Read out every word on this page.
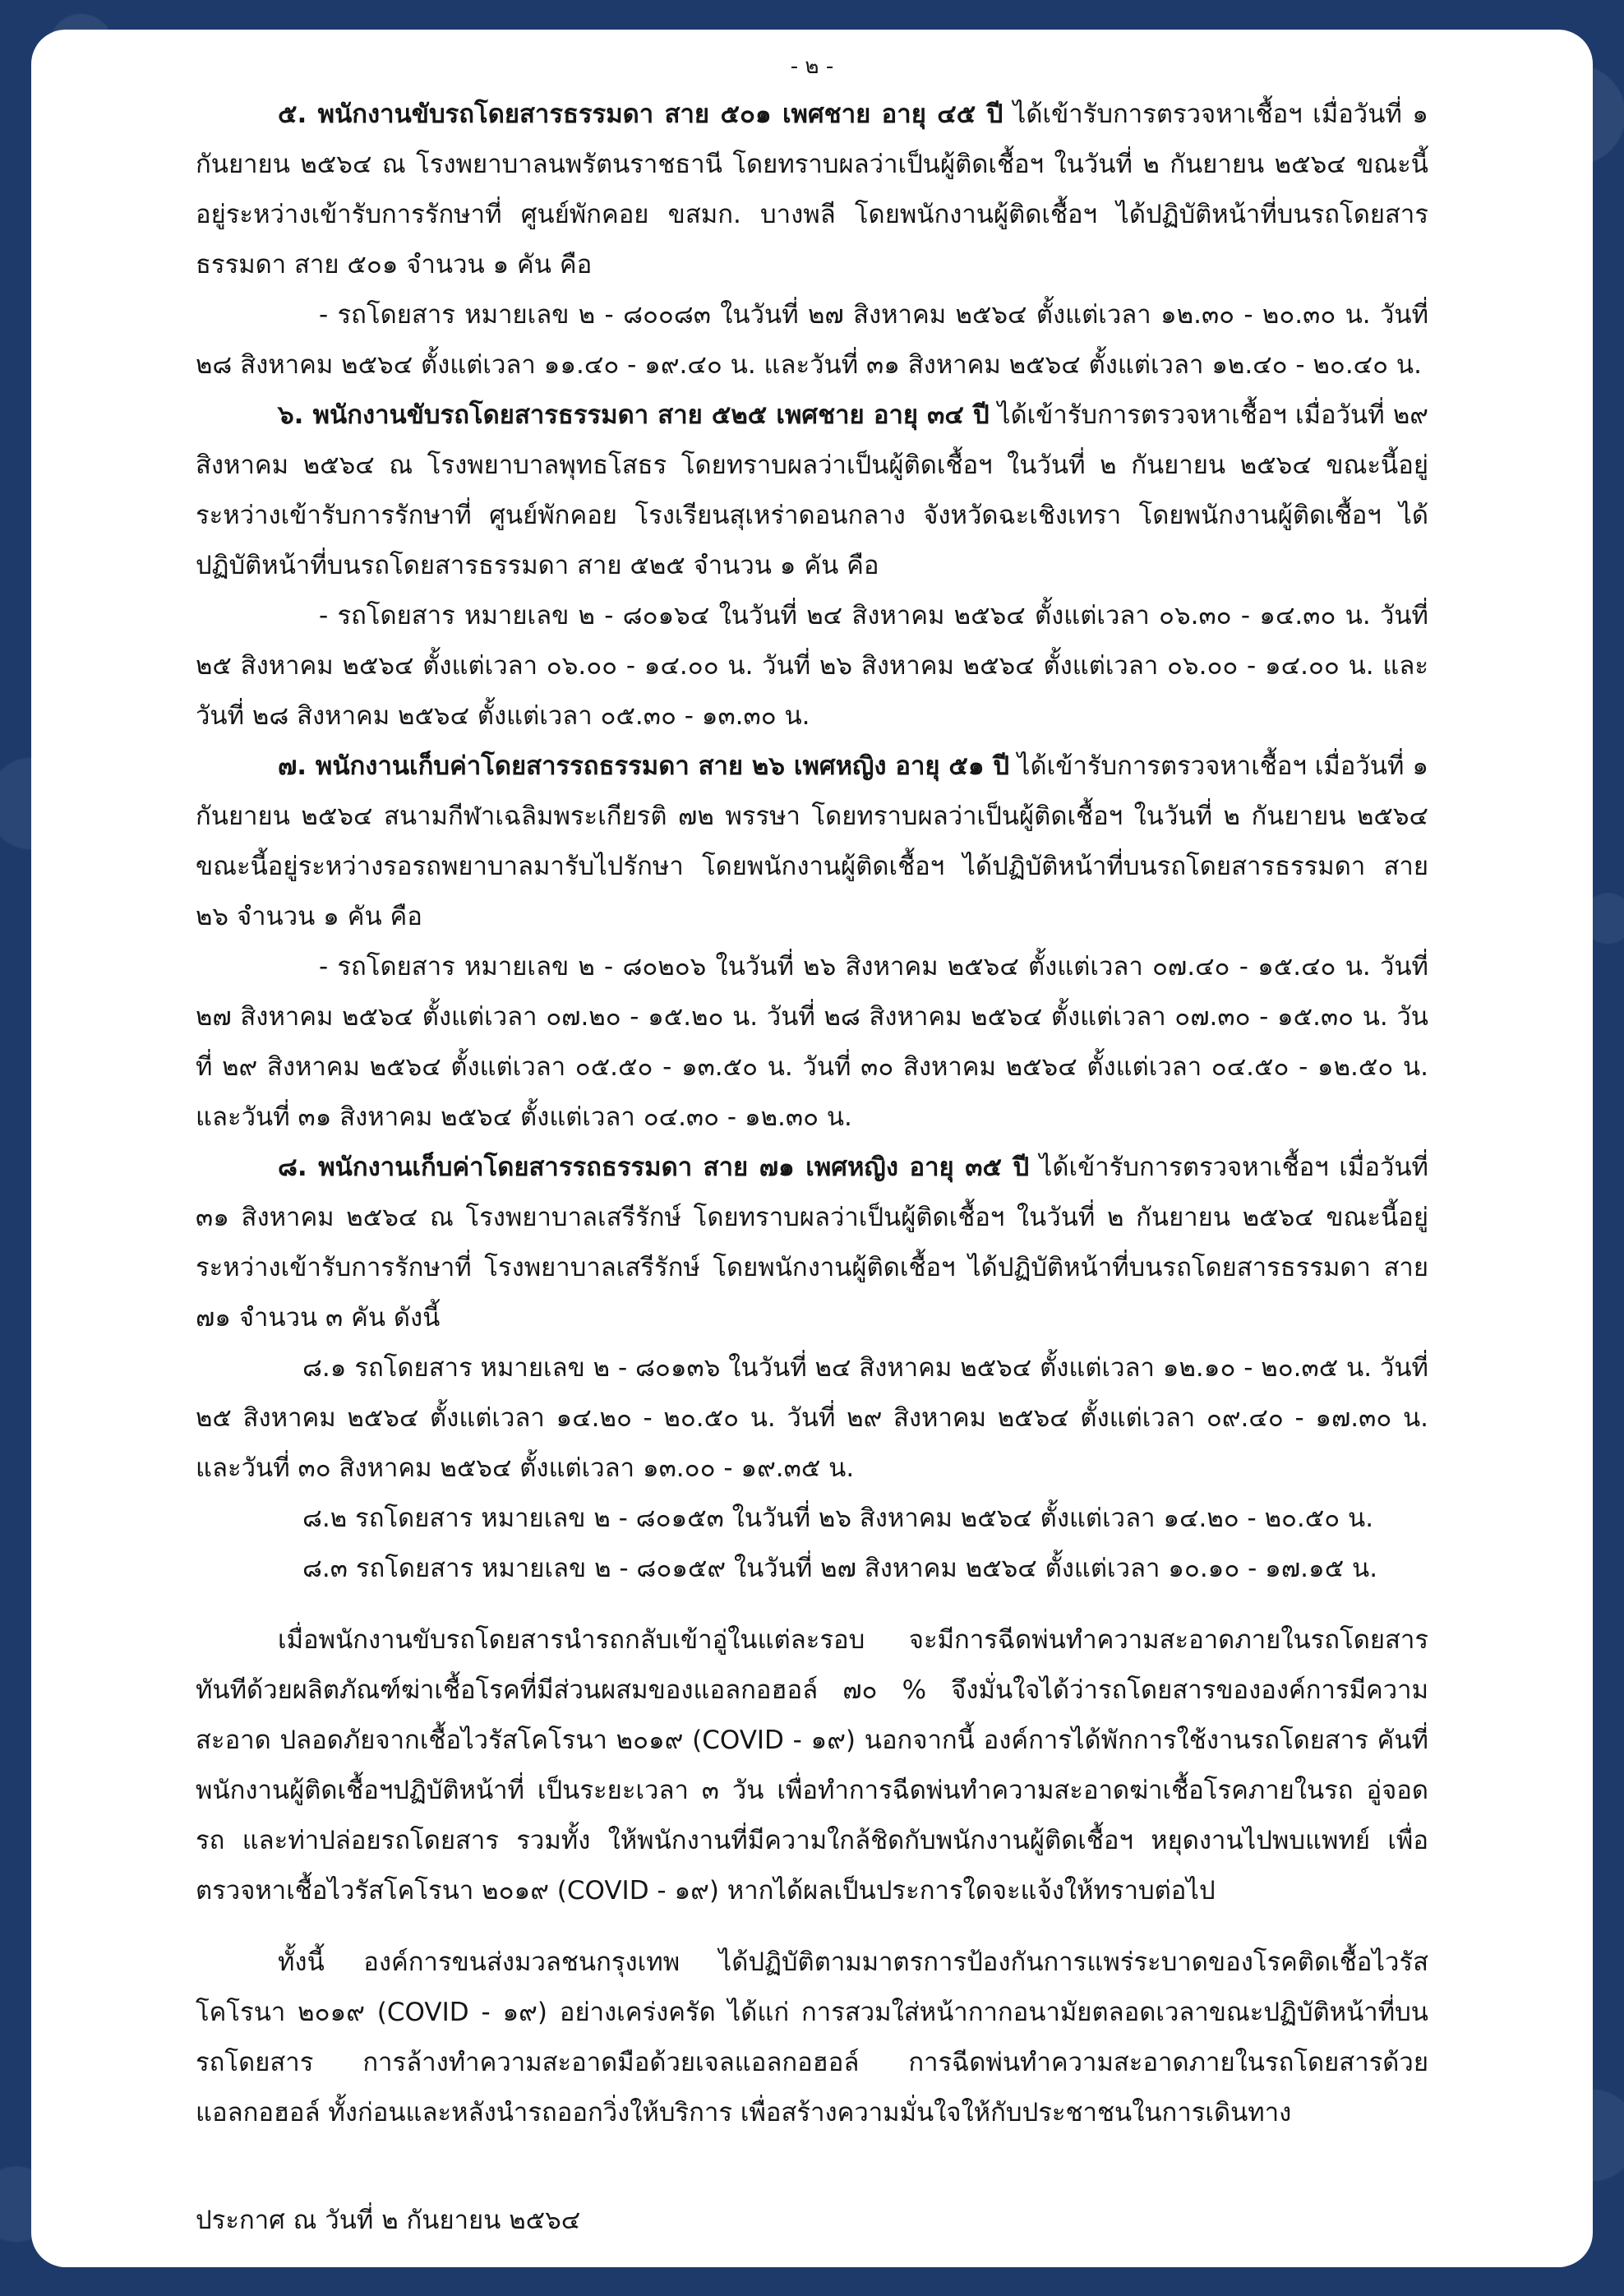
- ๒ -

๕. พนักงานขับรถโดยสารธรรมดา สาย ๕๐๑ เพศชาย อายุ ๔๕ ปี ได้เข้ารับการตรวจหาเชื้อฯ เมื่อวันที่ ๑ กันยายน ๒๕๖๔ ณ โรงพยาบาลนพรัตนราชธานี โดยทราบผลว่าเป็นผู้ติดเชื้อฯ ในวันที่ ๒ กันยายน ๒๕๖๔ ขณะนี้อยู่ระหว่างเข้ารับการรักษาที่ ศูนย์พักคอย ขสมก. บางพลี โดยพนักงานผู้ติดเชื้อฯ ได้ปฏิบัติหน้าที่บนรถโดยสารธรรมดา สาย ๕๐๑ จำนวน ๑ คัน คือ

- รถโดยสาร หมายเลข ๒ - ๘๐๐๘๓ ในวันที่ ๒๗ สิงหาคม ๒๕๖๔ ตั้งแต่เวลา ๑๒.๓๐ - ๒๐.๓๐ น. วันที่ ๒๘ สิงหาคม ๒๕๖๔ ตั้งแต่เวลา ๑๑.๔๐ - ๑๙.๔๐ น. และวันที่ ๓๑ สิงหาคม ๒๕๖๔ ตั้งแต่เวลา ๑๒.๔๐ - ๒๐.๔๐ น.

๖. พนักงานขับรถโดยสารธรรมดา สาย ๕๒๕ เพศชาย อายุ ๓๔ ปี ได้เข้ารับการตรวจหาเชื้อฯ เมื่อวันที่ ๒๙ สิงหาคม ๒๕๖๔ ณ โรงพยาบาลพุทธโสธร โดยทราบผลว่าเป็นผู้ติดเชื้อฯ ในวันที่ ๒ กันยายน ๒๕๖๔ ขณะนี้อยู่ระหว่างเข้ารับการรักษาที่ ศูนย์พักคอย โรงเรียนสุเหร่าดอนกลาง จังหวัดฉะเชิงเทรา โดยพนักงานผู้ติดเชื้อฯ ได้ปฏิบัติหน้าที่บนรถโดยสารธรรมดา สาย ๕๒๕ จำนวน ๑ คัน คือ

- รถโดยสาร หมายเลข ๒ - ๘๐๑๖๔ ในวันที่ ๒๔ สิงหาคม ๒๕๖๔ ตั้งแต่เวลา ๐๖.๓๐ - ๑๔.๓๐ น. วันที่ ๒๕ สิงหาคม ๒๕๖๔ ตั้งแต่เวลา ๐๖.๐๐ - ๑๔.๐๐ น. วันที่ ๒๖ สิงหาคม ๒๕๖๔ ตั้งแต่เวลา ๐๖.๐๐ - ๑๔.๐๐ น. และวันที่ ๒๘ สิงหาคม ๒๕๖๔ ตั้งแต่เวลา ๐๕.๓๐ - ๑๓.๓๐ น.

๗. พนักงานเก็บค่าโดยสารรถธรรมดา สาย ๒๖ เพศหญิง อายุ ๕๑ ปี ได้เข้ารับการตรวจหาเชื้อฯ เมื่อวันที่ ๑ กันยายน ๒๕๖๔ สนามกีฬาเฉลิมพระเกียรติ ๗๒ พรรษา โดยทราบผลว่าเป็นผู้ติดเชื้อฯ ในวันที่ ๒ กันยายน ๒๕๖๔ ขณะนี้อยู่ระหว่างรอรถพยาบาลมารับไปรักษา โดยพนักงานผู้ติดเชื้อฯ ได้ปฏิบัติหน้าที่บนรถโดยสารธรรมดา สาย ๒๖ จำนวน ๑ คัน คือ

- รถโดยสาร หมายเลข ๒ - ๘๐๒๐๖ ในวันที่ ๒๖ สิงหาคม ๒๕๖๔ ตั้งแต่เวลา ๐๗.๔๐ - ๑๕.๔๐ น. วันที่ ๒๗ สิงหาคม ๒๕๖๔ ตั้งแต่เวลา ๐๗.๒๐ - ๑๕.๒๐ น. วันที่ ๒๘ สิงหาคม ๒๕๖๔ ตั้งแต่เวลา ๐๗.๓๐ - ๑๕.๓๐ น. วันที่ ๒๙ สิงหาคม ๒๕๖๔ ตั้งแต่เวลา ๐๕.๕๐ - ๑๓.๕๐ น. วันที่ ๓๐ สิงหาคม ๒๕๖๔ ตั้งแต่เวลา ๐๔.๕๐ - ๑๒.๕๐ น. และวันที่ ๓๑ สิงหาคม ๒๕๖๔ ตั้งแต่เวลา ๐๔.๓๐ - ๑๒.๓๐ น.

๘. พนักงานเก็บค่าโดยสารรถธรรมดา สาย ๗๑ เพศหญิง อายุ ๓๕ ปี ได้เข้ารับการตรวจหาเชื้อฯ เมื่อวันที่ ๓๑ สิงหาคม ๒๕๖๔ ณ โรงพยาบาลเสรีรักษ์ โดยทราบผลว่าเป็นผู้ติดเชื้อฯ ในวันที่ ๒ กันยายน ๒๕๖๔ ขณะนี้อยู่ระหว่างเข้ารับการรักษาที่ โรงพยาบาลเสรีรักษ์ โดยพนักงานผู้ติดเชื้อฯ ได้ปฏิบัติหน้าที่บนรถโดยสารธรรมดา สาย ๗๑ จำนวน ๓ คัน ดังนี้

๘.๑ รถโดยสาร หมายเลข ๒ - ๘๐๑๓๖ ในวันที่ ๒๔ สิงหาคม ๒๕๖๔ ตั้งแต่เวลา ๑๒.๑๐ - ๒๐.๓๕ น. วันที่ ๒๕ สิงหาคม ๒๕๖๔ ตั้งแต่เวลา ๑๔.๒๐ - ๒๐.๕๐ น. วันที่ ๒๙ สิงหาคม ๒๕๖๔ ตั้งแต่เวลา ๐๙.๔๐ - ๑๗.๓๐ น. และวันที่ ๓๐ สิงหาคม ๒๕๖๔ ตั้งแต่เวลา ๑๓.๐๐ - ๑๙.๓๕ น.

๘.๒ รถโดยสาร หมายเลข ๒ - ๘๐๑๕๓ ในวันที่ ๒๖ สิงหาคม ๒๕๖๔ ตั้งแต่เวลา ๑๔.๒๐ - ๒๐.๕๐ น.

๘.๓ รถโดยสาร หมายเลข ๒ - ๘๐๑๕๙ ในวันที่ ๒๗ สิงหาคม ๒๕๖๔ ตั้งแต่เวลา ๑๐.๑๐ - ๑๗.๑๕ น.

เมื่อพนักงานขับรถโดยสารนำรถกลับเข้าอู่ในแต่ละรอบ จะมีการฉีดพ่นทำความสะอาดภายในรถโดยสารทันทีด้วยผลิตภัณฑ์ฆ่าเชื้อโรคที่มีส่วนผสมของแอลกอฮอล์ ๗๐ % จึงมั่นใจได้ว่ารถโดยสารขององค์การมีความสะอาด ปลอดภัยจากเชื้อไวรัสโคโรนา ๒๐๑๙ (COVID - ๑๙) นอกจากนี้ องค์การได้พักการใช้งานรถโดยสาร คันที่พนักงานผู้ติดเชื้อฯปฏิบัติหน้าที่ เป็นระยะเวลา ๓ วัน เพื่อทำการฉีดพ่นทำความสะอาดฆ่าเชื้อโรคภายในรถ อู่จอดรถ และท่าปล่อยรถโดยสาร รวมทั้ง ให้พนักงานที่มีความใกล้ชิดกับพนักงานผู้ติดเชื้อฯ หยุดงานไปพบแพทย์ เพื่อตรวจหาเชื้อไวรัสโคโรนา ๒๐๑๙ (COVID - ๑๙) หากได้ผลเป็นประการใดจะแจ้งให้ทราบต่อไป

ทั้งนี้ องค์การขนส่งมวลชนกรุงเทพ ได้ปฏิบัติตามมาตรการป้องกันการแพร่ระบาดของโรคติดเชื้อไวรัสโคโรนา ๒๐๑๙ (COVID - ๑๙) อย่างเคร่งครัด ได้แก่ การสวมใส่หน้ากากอนามัยตลอดเวลาขณะปฏิบัติหน้าที่บนรถโดยสาร การล้างทำความสะอาดมือด้วยเจลแอลกอฮอล์ การฉีดพ่นทำความสะอาดภายในรถโดยสารด้วยแอลกอฮอล์ ทั้งก่อนและหลังนำรถออกวิ่งให้บริการ เพื่อสร้างความมั่นใจให้กับประชาชนในการเดินทาง

ประกาศ ณ วันที่ ๒ กันยายน ๒๕๖๔
